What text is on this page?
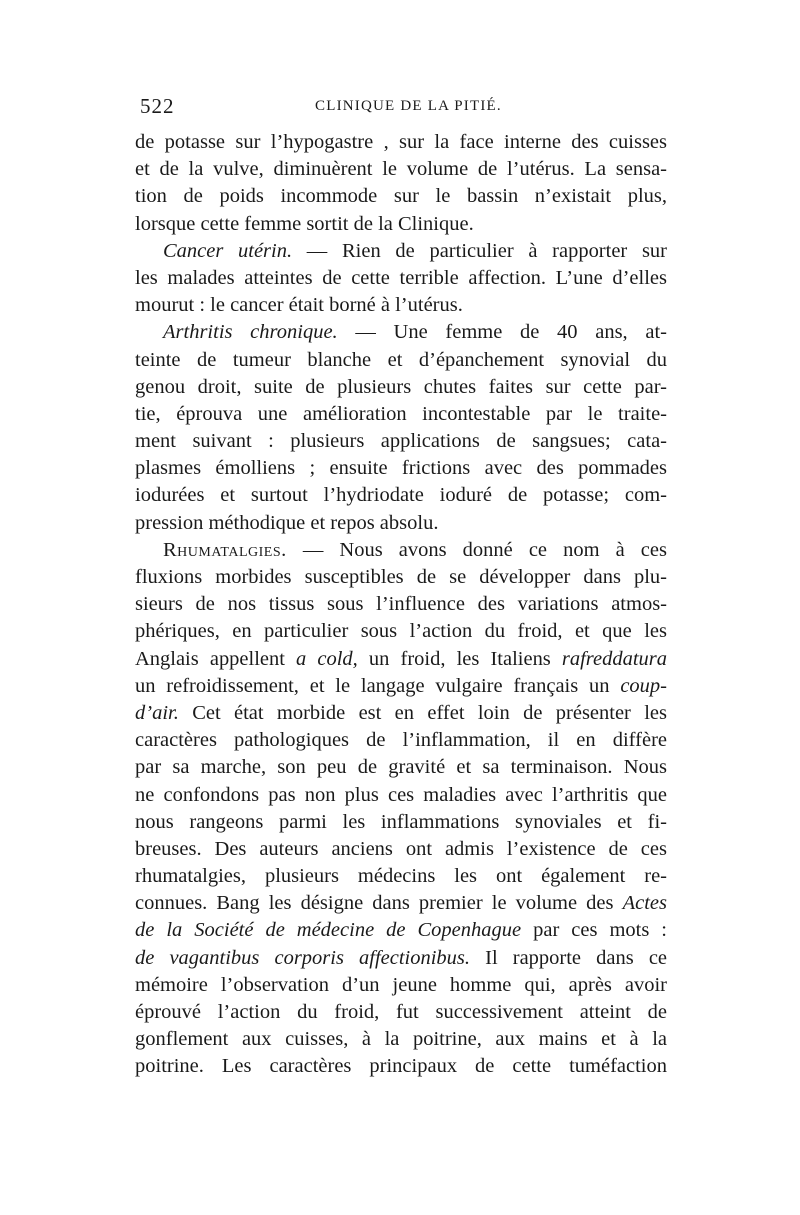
522	CLINIQUE DE LA PITIÉ.
de potasse sur l’hypogastre , sur la face interne des cuisses
et de la vulve, diminuèrent le volume de l’utérus. La sensa-
tion de poids incommode sur le bassin n’existait plus,
lorsque cette femme sortit de la Clinique.
Cancer utérin. — Rien de particulier à rapporter sur
les malades atteintes de cette terrible affection. L’une d’elles
mourut : le cancer était borné à l’utérus.
Arthritis chronique. — Une femme de 40 ans, at-
teinte de tumeur blanche et d’épanchement synovial du
genou droit, suite de plusieurs chutes faites sur cette par-
tie, éprouva une amélioration incontestable par le traite-
ment suivant : plusieurs applications de sangsues; cata-
plasmes émolliens ; ensuite frictions avec des pommades
iodurées et surtout l’hydriodate ioduré de potasse; com-
pression méthodique et repos absolu.
Rhumatalgies. — Nous avons donné ce nom à ces
fluxions morbides susceptibles de se développer dans plu-
sieurs de nos tissus sous l’influence des variations atmos-
phériques, en particulier sous l’action du froid, et que les
Anglais appellent a cold, un froid, les Italiens rafreddatura
un refroidissement, et le langage vulgaire français un coup-
d’air. Cet état morbide est en effet loin de présenter les
caractères pathologiques de l’inflammation, il en diffère
par sa marche, son peu de gravité et sa terminaison. Nous
ne confondons pas non plus ces maladies avec l’arthritis que
nous rangeons parmi les inflammations synoviales et fi-
breuses. Des auteurs anciens ont admis l’existence de ces
rhumatalgies, plusieurs médecins les ont également re-
connues. Bang les désigne dans premier le volume des Actes
de la Société de médecine de Copenhague par ces mots :
de vagantibus corporis affectionibus. Il rapporte dans ce
mémoire l’observation d’un jeune homme qui, après avoir
éprouvé l’action du froid, fut successivement atteint de
gonflement aux cuisses, à la poitrine, aux mains et à la
poitrine. Les caractères principaux de cette tuméfaction
